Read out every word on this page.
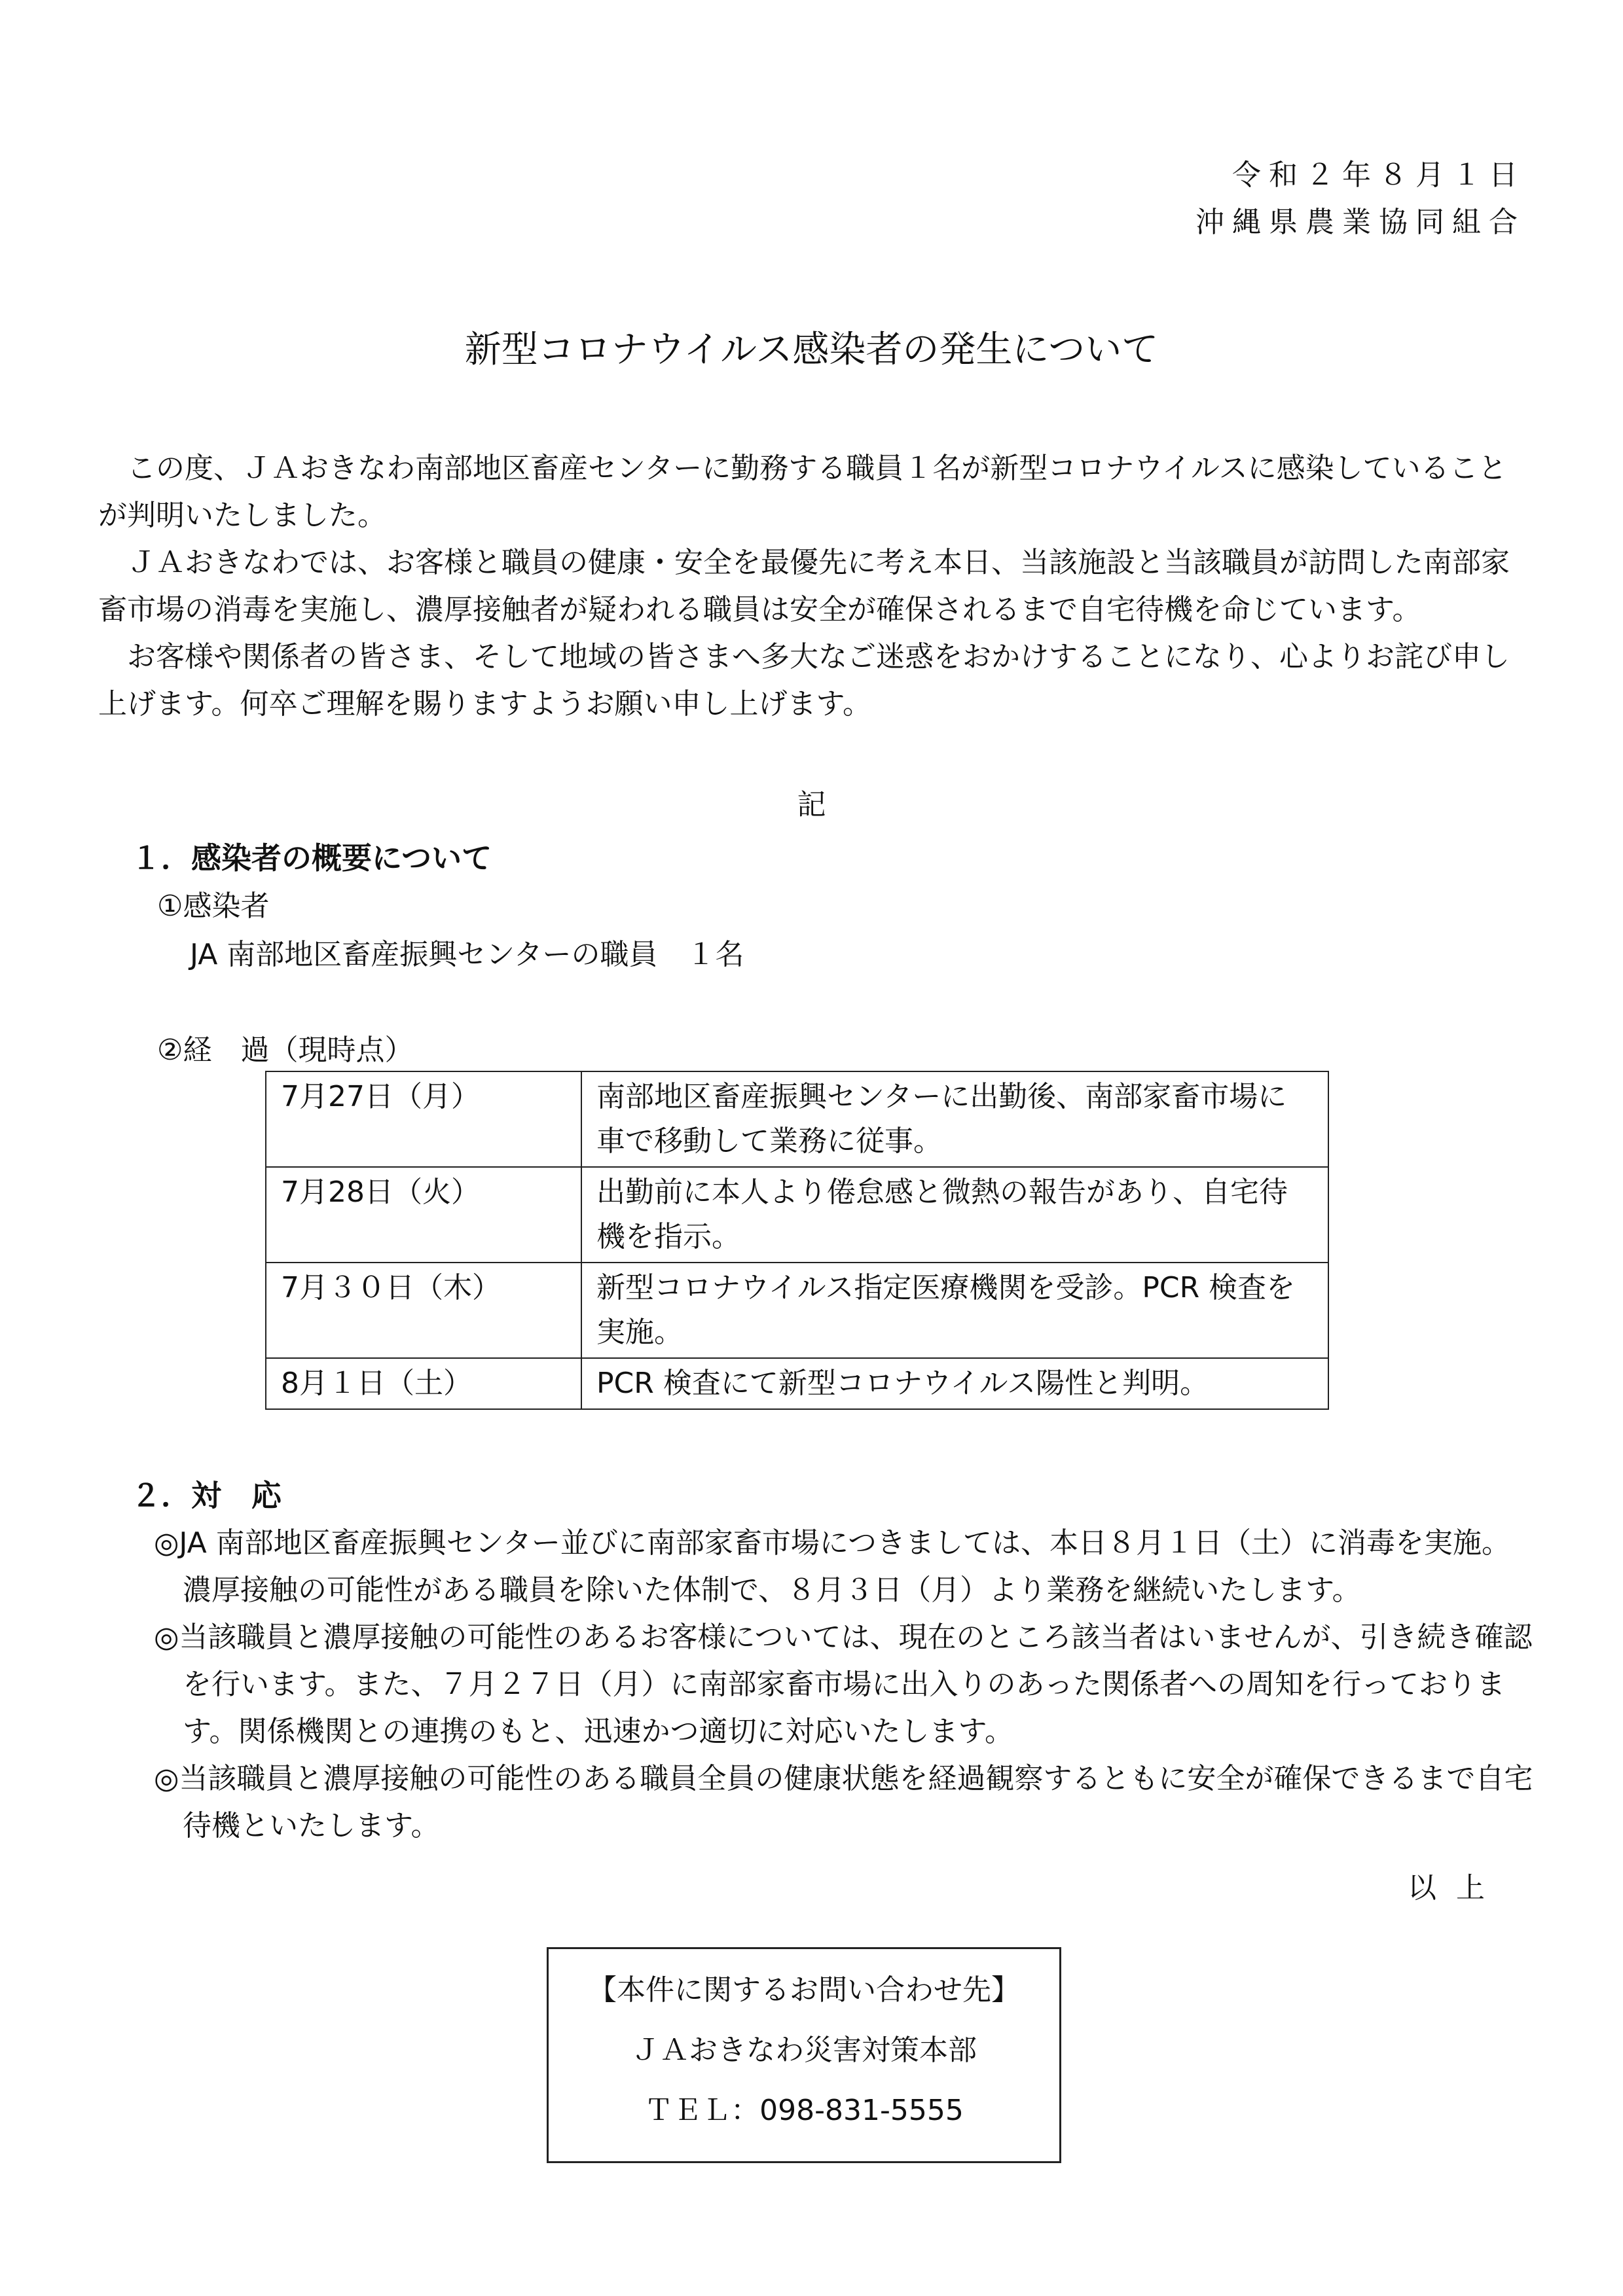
令和２年８月１日
沖縄県農業協同組合
新型コロナウイルス感染者の発生について

この度、ＪＡおきなわ南部地区畜産センターに勤務する職員１名が新型コロナウイルスに感染していることが判明いたしました。

ＪＡおきなわでは、お客様と職員の健康・安全を最優先に考え本日、当該施設と当該職員が訪問した南部家畜市場の消毒を実施し、濃厚接触者が疑われる職員は安全が確保されるまで自宅待機を命じています。

お客様や関係者の皆さま、そして地域の皆さまへ多大なご迷惑をおかけすることになり、心よりお詫び申し上げます。何卒ご理解を賜りますようお願い申し上げます。

記
１．感染者の概要について
①感染者
JA 南部地区畜産振興センターの職員　１名
②経　過（現時点）
7月27日（月）	南部地区畜産振興センターに出勤後、南部家畜市場に車で移動して業務に従事。
7月28日（火）	出勤前に本人より倦怠感と微熱の報告があり、自宅待機を指示。
7月３０日（木）	新型コロナウイルス指定医療機関を受診。PCR 検査を実施。
8月１日（土）	PCR 検査にて新型コロナウイルス陽性と判明。
２．対　応

◎JA 南部地区畜産振興センター並びに南部家畜市場につきましては、本日８月１日（土）に消毒を実施。濃厚接触の可能性がある職員を除いた体制で、８月３日（月）より業務を継続いたします。

◎当該職員と濃厚接触の可能性のあるお客様については、現在のところ該当者はいませんが、引き続き確認を行います。また、７月２７日（月）に南部家畜市場に出入りのあった関係者への周知を行っております。関係機関との連携のもと、迅速かつ適切に対応いたします。

◎当該職員と濃厚接触の可能性のある職員全員の健康状態を経過観察するともに安全が確保できるまで自宅待機といたします。

以上
【本件に関するお問い合わせ先】
ＪＡおきなわ災害対策本部
ＴＥＬ：098-831-5555
